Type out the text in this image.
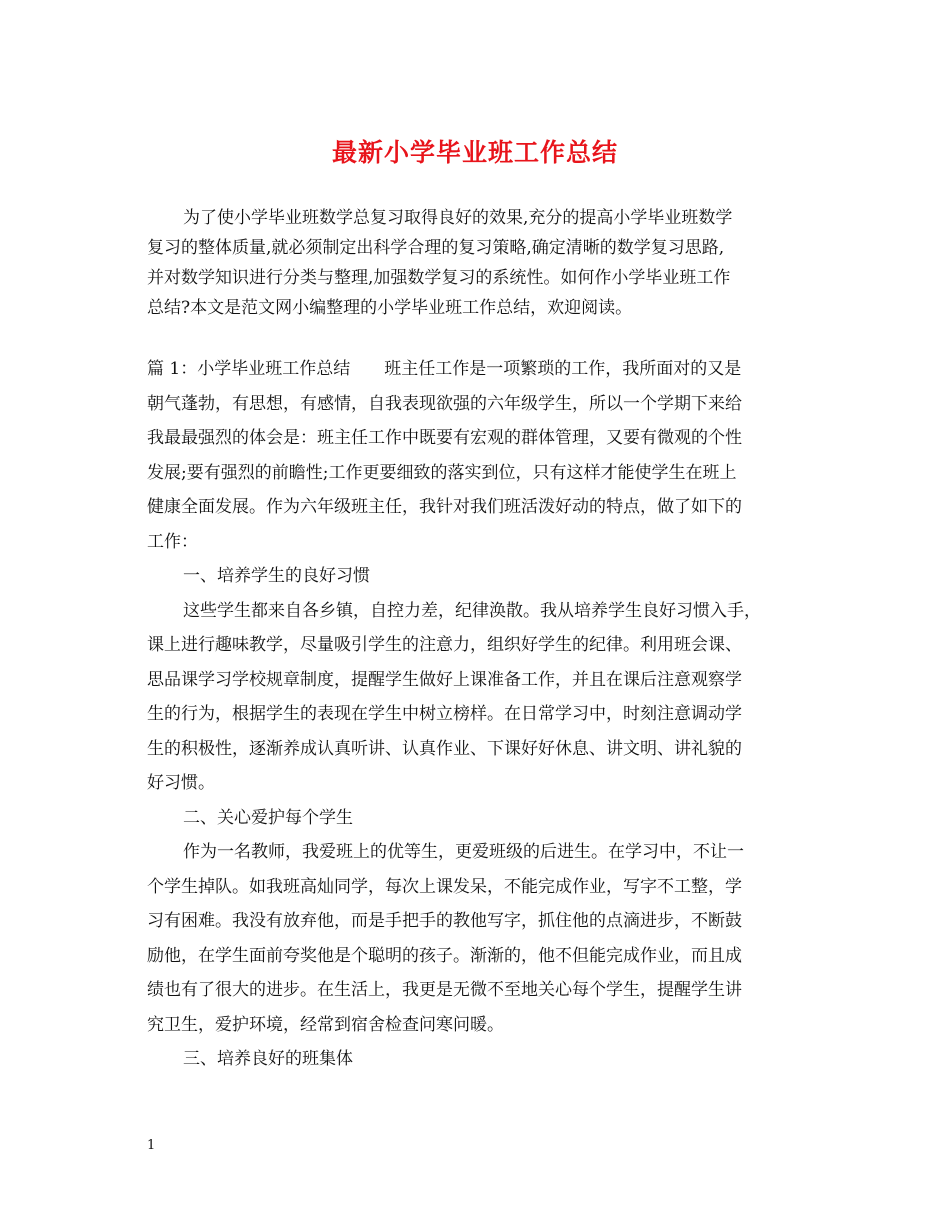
最新小学毕业班工作总结
为了使小学毕业班数学总复习取得良好的效果,充分的提高小学毕业班数学
复习的整体质量,就必须制定出科学合理的复习策略,确定清晰的数学复习思路,
并对数学知识进行分类与整理,加强数学复习的系统性。如何作小学毕业班工作
总结?本文是范文网小编整理的小学毕业班工作总结，欢迎阅读。
篇 1：小学毕业班工作总结　　班主任工作是一项繁琐的工作，我所面对的又是
朝气蓬勃，有思想，有感情，自我表现欲强的六年级学生，所以一个学期下来给
我最最强烈的体会是：班主任工作中既要有宏观的群体管理，又要有微观的个性
发展;要有强烈的前瞻性;工作更要细致的落实到位，只有这样才能使学生在班上
健康全面发展。作为六年级班主任，我针对我们班活泼好动的特点，做了如下的
工作：
一、培养学生的良好习惯
这些学生都来自各乡镇，自控力差，纪律涣散。我从培养学生良好习惯入手，
课上进行趣味教学，尽量吸引学生的注意力，组织好学生的纪律。利用班会课、
思品课学习学校规章制度，提醒学生做好上课准备工作，并且在课后注意观察学
生的行为，根据学生的表现在学生中树立榜样。在日常学习中，时刻注意调动学
生的积极性，逐渐养成认真听讲、认真作业、下课好好休息、讲文明、讲礼貌的
好习惯。
二、关心爱护每个学生
作为一名教师，我爱班上的优等生，更爱班级的后进生。在学习中，不让一
个学生掉队。如我班高灿同学，每次上课发呆，不能完成作业，写字不工整，学
习有困难。我没有放弃他，而是手把手的教他写字，抓住他的点滴进步，不断鼓
励他，在学生面前夸奖他是个聪明的孩子。渐渐的，他不但能完成作业，而且成
绩也有了很大的进步。在生活上，我更是无微不至地关心每个学生，提醒学生讲
究卫生，爱护环境，经常到宿舍检查问寒问暖。
三、培养良好的班集体
1
